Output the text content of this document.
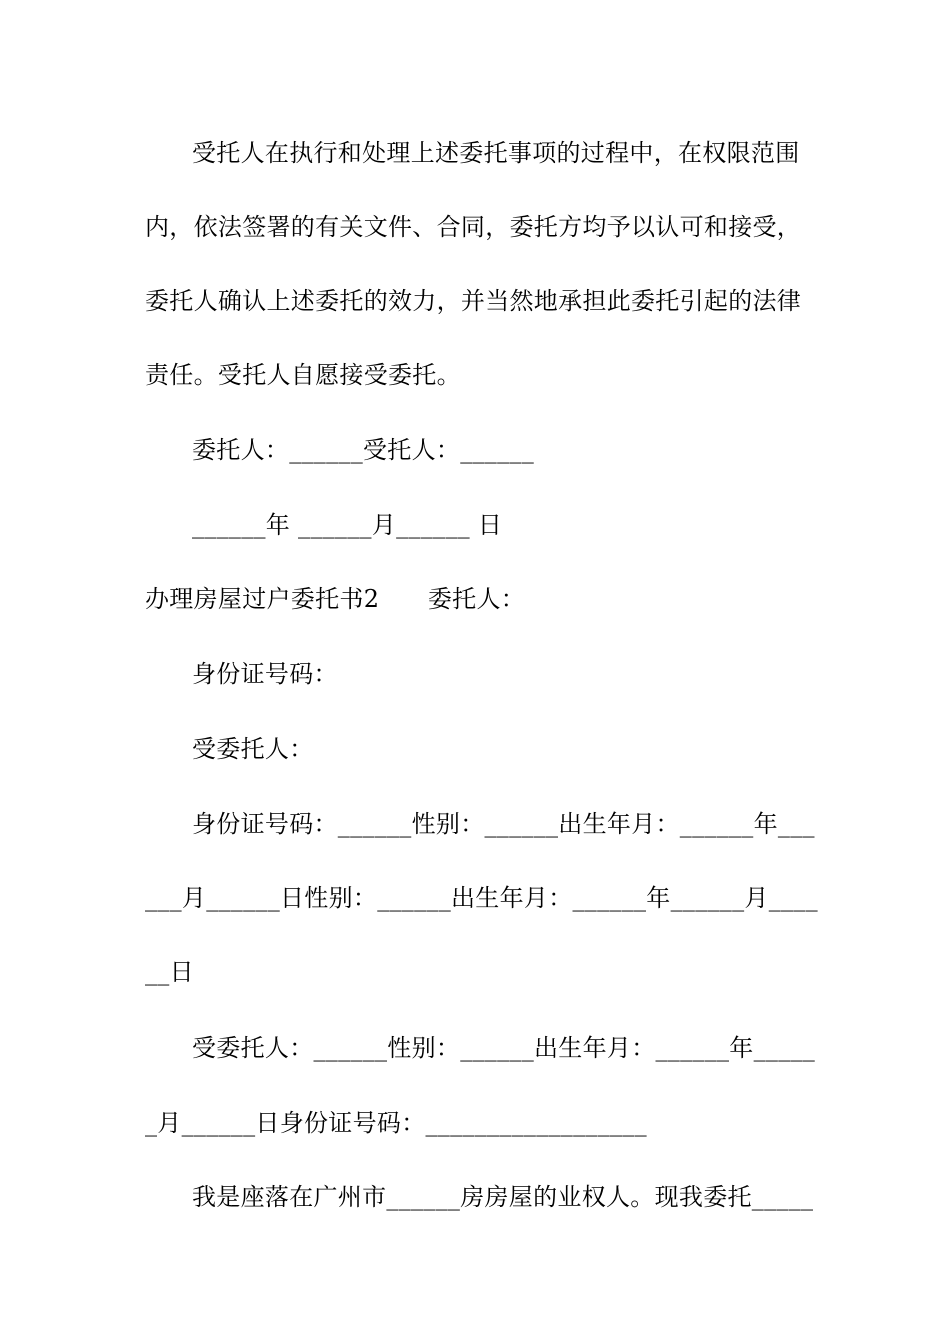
受托人在执行和处理上述委托事项的过程中，在权限范围
内，依法签署的有关文件、合同，委托方均予以认可和接受，
委托人确认上述委托的效力，并当然地承担此委托引起的法律
责任。受托人自愿接受委托。
委托人：______受托人：______
______年 ______月______ 日
办理房屋过户委托书2　　委托人：
身份证号码：
受委托人：
身份证号码：______性别：______出生年月：______年___
___月______日性别：______出生年月：______年______月____
__日
受委托人：______性别：______出生年月：______年_____
_月______日身份证号码：__________________
我是座落在广州市______房房屋的业权人。现我委托_____
